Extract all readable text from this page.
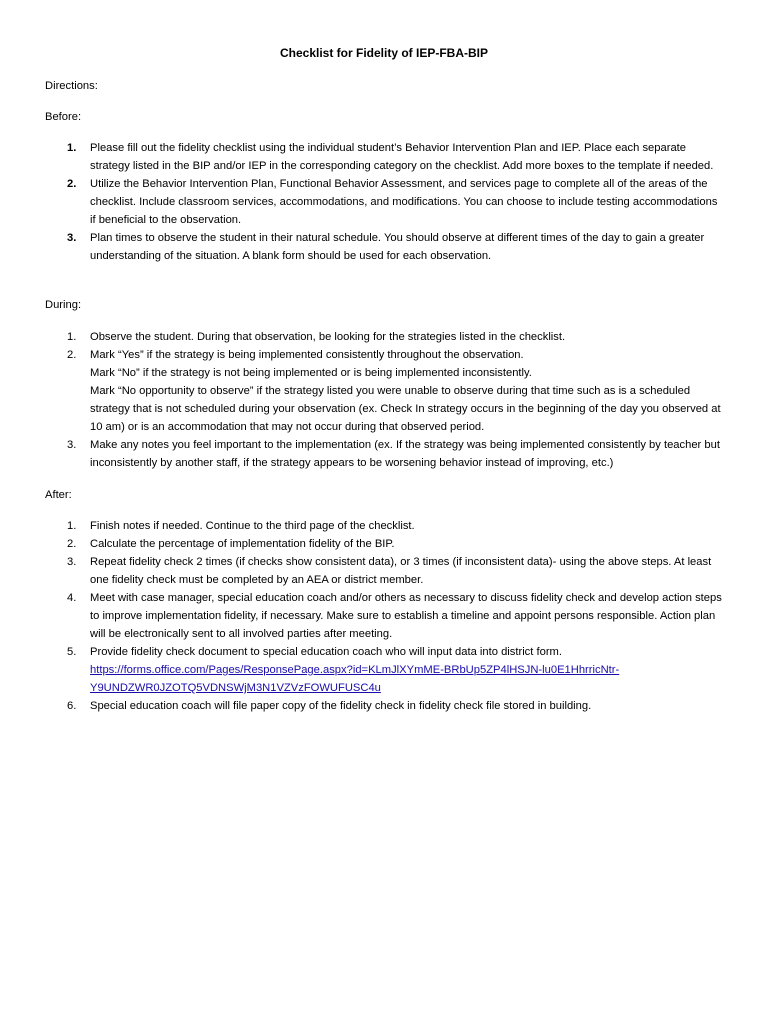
Checklist for Fidelity of IEP-FBA-BIP
Directions:
Before:
1. Please fill out the fidelity checklist using the individual student’s Behavior Intervention Plan and IEP. Place each separate strategy listed in the BIP and/or IEP in the corresponding category on the checklist. Add more boxes to the template if needed.
2. Utilize the Behavior Intervention Plan, Functional Behavior Assessment, and services page to complete all of the areas of the checklist. Include classroom services, accommodations, and modifications. You can choose to include testing accommodations if beneficial to the observation.
3. Plan times to observe the student in their natural schedule. You should observe at different times of the day to gain a greater understanding of the situation. A blank form should be used for each observation.
During:
1. Observe the student. During that observation, be looking for the strategies listed in the checklist.
2. Mark “Yes” if the strategy is being implemented consistently throughout the observation.
Mark “No” if the strategy is not being implemented or is being implemented inconsistently.
Mark “No opportunity to observe” if the strategy listed you were unable to observe during that time such as is a scheduled strategy that is not scheduled during your observation (ex. Check In strategy occurs in the beginning of the day you observed at 10 am) or is an accommodation that may not occur during that observed period.
3. Make any notes you feel important to the implementation (ex. If the strategy was being implemented consistently by teacher but inconsistently by another staff, if the strategy appears to be worsening behavior instead of improving, etc.)
After:
1. Finish notes if needed. Continue to the third page of the checklist.
2. Calculate the percentage of implementation fidelity of the BIP.
3. Repeat fidelity check 2 times (if checks show consistent data), or 3 times (if inconsistent data)- using the above steps. At least one fidelity check must be completed by an AEA or district member.
4. Meet with case manager, special education coach and/or others as necessary to discuss fidelity check and develop action steps to improve implementation fidelity, if necessary. Make sure to establish a timeline and appoint persons responsible. Action plan will be electronically sent to all involved parties after meeting.
5. Provide fidelity check document to special education coach who will input data into district form.
https://forms.office.com/Pages/ResponsePage.aspx?id=KLmJlXYmME-BRbUp5ZP4lHSJN-lu0E1HhrricNtr-
Y9UNDZWR0JZOTQ5VDNSWjM3N1VZVzFOWUFUSC4u
6. Special education coach will file paper copy of the fidelity check in fidelity check file stored in building.
